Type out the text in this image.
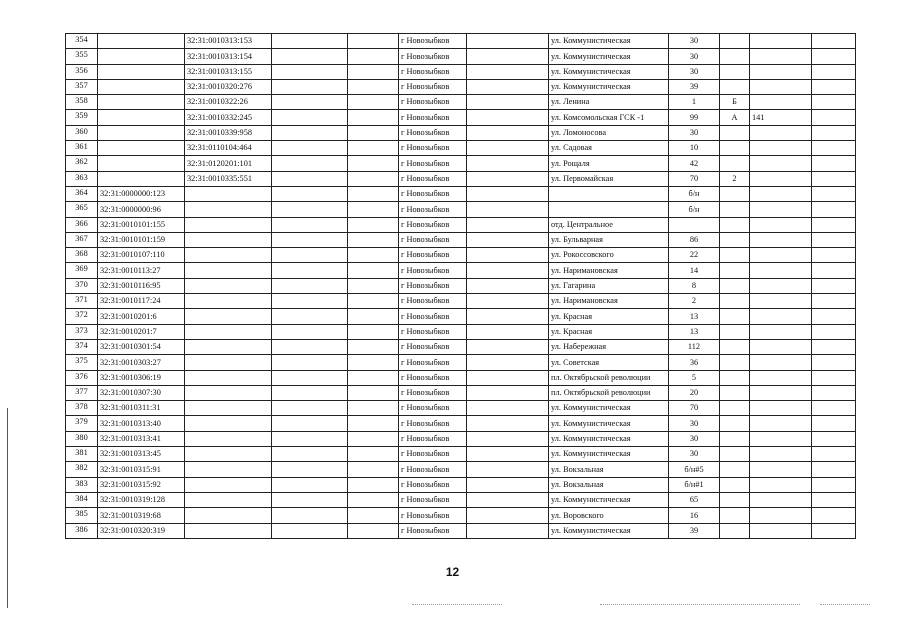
354		32:31:0010313:153			г Новозыбков		ул. Коммунистическая	30			
355		32:31:0010313:154			г Новозыбков		ул. Коммунистическая	30			
356		32:31:0010313:155			г Новозыбков		ул. Коммунистическая	30			
357		32:31:0010320:276			г Новозыбков		ул. Коммунистическая	39			
358		32:31:0010322:26			г Новозыбков		ул. Ленина	1	Б		
359		32:31:0010332:245			г Новозыбков		ул. Комсомольская ГСК -1	99	А	141	
360		32:31:0010339:958			г Новозыбков		ул. Ломоносова	30			
361		32:31:0110104:464			г Новозыбков		ул. Садовая	10			
362		32:31:0120201:101			г Новозыбков		ул. Рощаля	42			
363		32:31:0010335:551			г Новозыбков		ул. Первомайская	70	2		
364	32:31:0000000:123				г Новозыбков			б/н			
365	32:31:0000000:96				г Новозыбков			б/н			
366	32:31:0010101:155				г Новозыбков		отд. Центральное				
367	32:31:0010101:159				г Новозыбков		ул. Бульварная	86			
368	32:31:0010107:110				г Новозыбков		ул. Рокоссовского	22			
369	32:31:0010113:27				г Новозыбков		ул. Наримановская	14			
370	32:31:0010116:95				г Новозыбков		ул. Гагарина	8			
371	32:31:0010117:24				г Новозыбков		ул. Наримановская	2			
372	32:31:0010201:6				г Новозыбков		ул. Красная	13			
373	32:31:0010201:7				г Новозыбков		ул. Красная	13			
374	32:31:0010301:54				г Новозыбков		ул. Набережная	112			
375	32:31:0010303:27				г Новозыбков		ул. Советская	36			
376	32:31:0010306:19				г Новозыбков		пл. Октябрьской революции	5			
377	32:31:0010307:30				г Новозыбков		пл. Октябрьской революции	20			
378	32:31:0010311:31				г Новозыбков		ул. Коммунистическая	70			
379	32:31:0010313:40				г Новозыбков		ул. Коммунистическая	30			
380	32:31:0010313:41				г Новозыбков		ул. Коммунистическая	30			
381	32:31:0010313:45				г Новозыбков		ул. Коммунистическая	30			
382	32:31:0010315:91				г Новозыбков		ул. Вокзальная	б/н#5			
383	32:31:0010315:92				г Новозыбков		ул. Вокзальная	б/н#1			
384	32:31:0010319:128				г Новозыбков		ул. Коммунистическая	65			
385	32:31:0010319:68				г Новозыбков		ул. Воровского	16			
386	32:31:0010320:319				г Новозыбков		ул. Коммунистическая	39			
12
